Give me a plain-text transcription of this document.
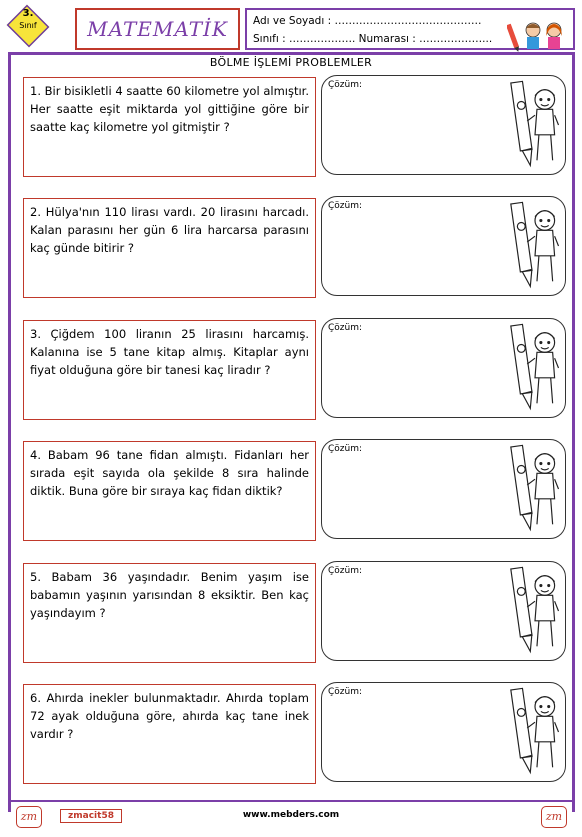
3.
Sınıf	MATEMATİK	Adı ve Soyadı : ……………………………………
Sınıfı : ………………. Numarası : ………………...
BÖLME İŞLEMİ PROBLEMLER
1. Bir bisikletli 4 saatte 60 kilometre yol almıştır. Her saatte eşit miktarda yol gittiğine göre bir saatte kaç kilometre yol gitmiştir ?
Çözüm:
2. Hülya'nın 110 lirası vardı. 20 lirasını harcadı. Kalan parasını her gün 6 lira harcarsa parasını kaç günde bitirir ?
Çözüm:
3. Çiğdem 100 liranın 25 lirasını harcamış. Kalanına ise 5 tane kitap almış. Kitaplar aynı fiyat olduğuna göre bir tanesi kaç liradır ?
Çözüm:
4. Babam 96 tane fidan almıştı. Fidanları her sırada eşit sayıda ola şekilde 8 sıra halinde diktik. Buna göre bir sıraya kaç fidan diktik?
Çözüm:
5. Babam 36 yaşındadır. Benim yaşım ise babamın yaşının yarısından 8 eksiktir. Ben kaç yaşındayım ?
Çözüm:
6. Ahırda inekler bulunmaktadır. Ahırda toplam 72 ayak olduğuna göre, ahırda kaç tane inek vardır ?
Çözüm:
zm	zmacit58	www.mebders.com	zm
